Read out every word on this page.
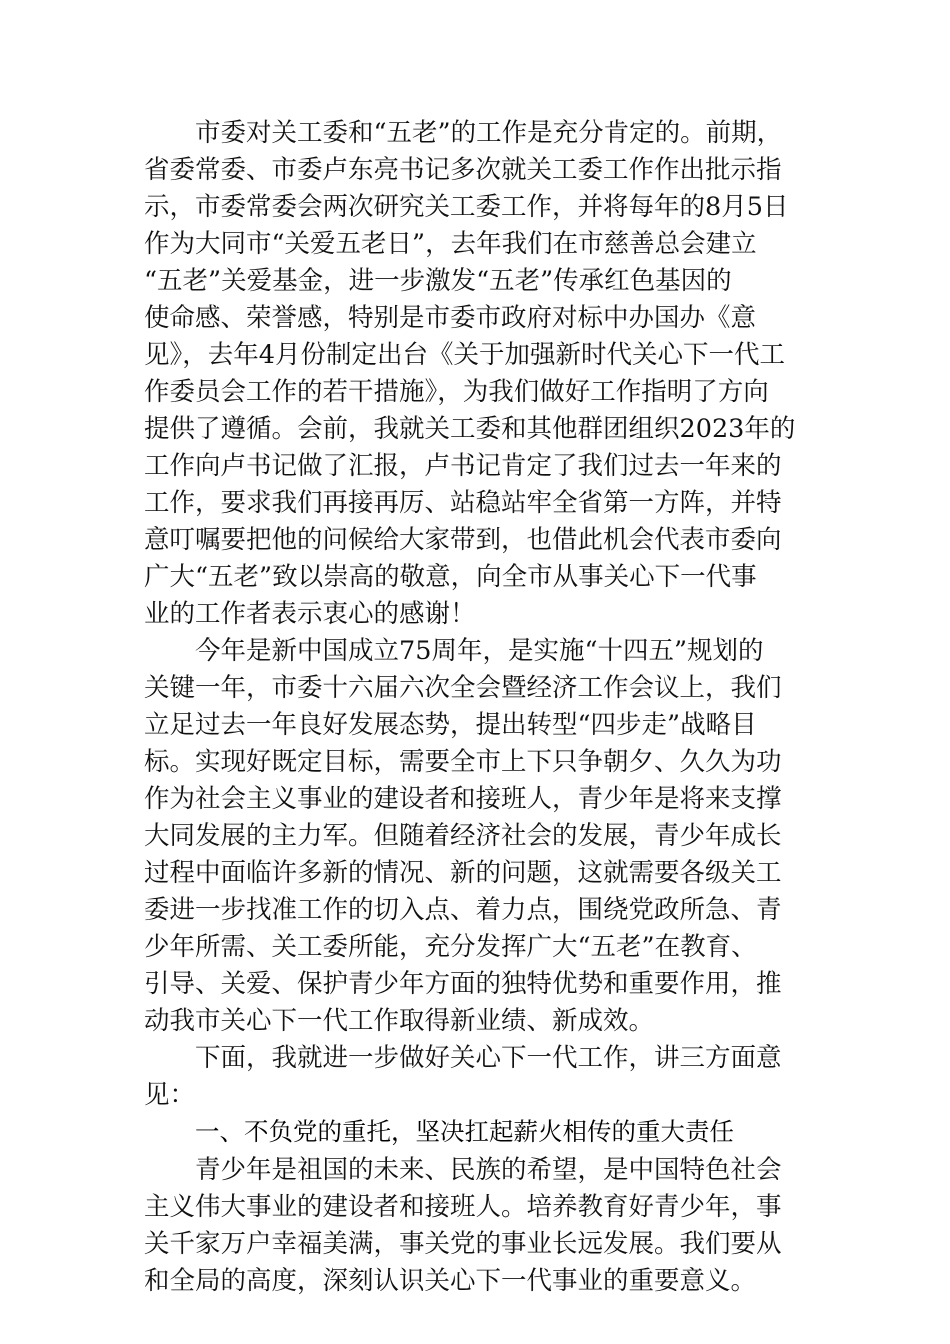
市委对关工委和“五老”的工作是充分肯定的。前期，
省委常委、市委卢东亮书记多次就关工委工作作出批示指
示，市委常委会两次研究关工委工作，并将每年的8月5日
作为大同市“关爱五老日”，去年我们在市慈善总会建立
“五老”关爱基金，进一步激发“五老”传承红色基因的
使命感、荣誉感，特别是市委市政府对标中办国办《意
见》，去年4月份制定出台《关于加强新时代关心下一代工
作委员会工作的若干措施》，为我们做好工作指明了方向
提供了遵循。会前，我就关工委和其他群团组织2023年的
工作向卢书记做了汇报，卢书记肯定了我们过去一年来的
工作，要求我们再接再厉、站稳站牢全省第一方阵，并特
意叮嘱要把他的问候给大家带到，也借此机会代表市委向
广大“五老”致以崇高的敬意，向全市从事关心下一代事
业的工作者表示衷心的感谢！
今年是新中国成立75周年，是实施“十四五”规划的
关键一年，市委十六届六次全会暨经济工作会议上，我们
立足过去一年良好发展态势，提出转型“四步走”战略目
标。实现好既定目标，需要全市上下只争朝夕、久久为功
作为社会主义事业的建设者和接班人，青少年是将来支撑
大同发展的主力军。但随着经济社会的发展，青少年成长
过程中面临许多新的情况、新的问题，这就需要各级关工
委进一步找准工作的切入点、着力点，围绕党政所急、青
少年所需、关工委所能，充分发挥广大“五老”在教育、
引导、关爱、保护青少年方面的独特优势和重要作用，推
动我市关心下一代工作取得新业绩、新成效。
下面，我就进一步做好关心下一代工作，讲三方面意
见：
一、不负党的重托，坚决扛起薪火相传的重大责任
青少年是祖国的未来、民族的希望，是中国特色社会
主义伟大事业的建设者和接班人。培养教育好青少年，事
关千家万户幸福美满，事关党的事业长远发展。我们要从
和全局的高度，深刻认识关心下一代事业的重要意义。
